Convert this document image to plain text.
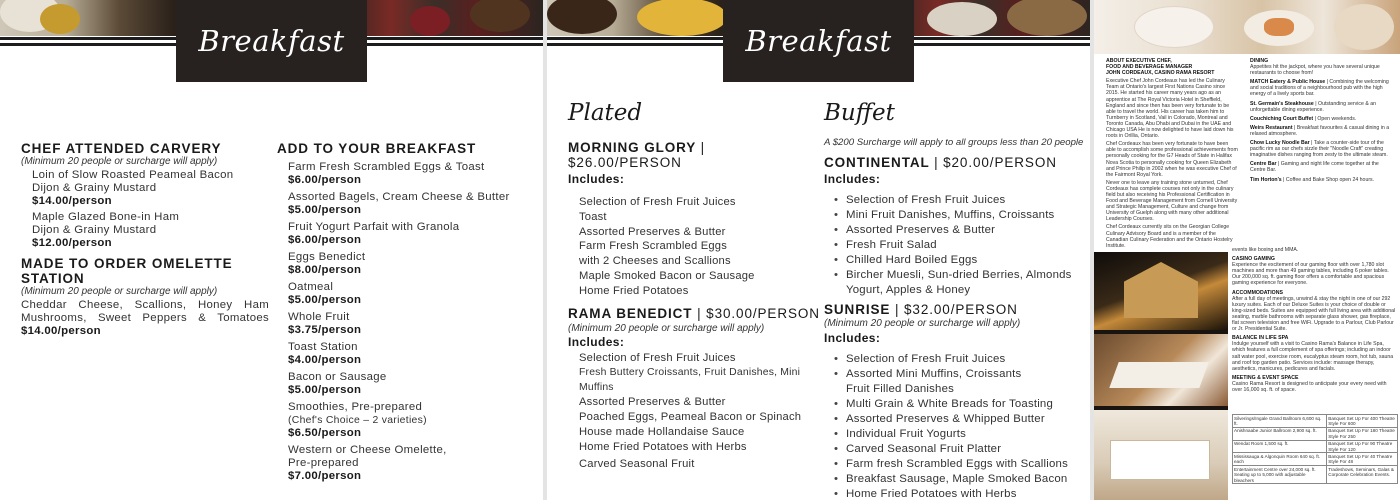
Breakfast
CHEF ATTENDED CARVERY
(Minimum 20 people or surcharge will apply)
Loin of Slow Roasted Peameal Bacon
Dijon & Grainy Mustard
$14.00/person
Maple Glazed Bone-in Ham
Dijon & Grainy Mustard
$12.00/person
MADE TO ORDER OMELETTE STATION
(Minimum 20 people or surcharge will apply)
Cheddar Cheese, Scallions, Honey Ham
Mushrooms, Sweet Peppers & Tomatoes
$14.00/person
ADD TO YOUR BREAKFAST
Farm Fresh Scrambled Eggs & Toast
$6.00/person
Assorted Bagels, Cream Cheese & Butter
$5.00/person
Fruit Yogurt Parfait with Granola
$6.00/person
Eggs Benedict
$8.00/person
Oatmeal
$5.00/person
Whole Fruit
$3.75/person
Toast Station
$4.00/person
Bacon or Sausage
$5.00/person
Smoothies, Pre-prepared
(Chef's Choice – 2 varieties)
$6.50/person
Western or Cheese Omelette,
Pre-prepared
$7.00/person
Breakfast
Plated
MORNING GLORY | $26.00/PERSON
Includes:
Selection of Fresh Fruit Juices
Toast
Assorted Preserves & Butter
Farm Fresh Scrambled Eggs
with 2 Cheeses and Scallions
Maple Smoked Bacon or Sausage
Home Fried Potatoes
RAMA BENEDICT | $30.00/PERSON
(Minimum 20 people or surcharge will apply)
Includes:
Selection of Fresh Fruit Juices
Fresh Buttery Croissants, Fruit Danishes, Mini Muffins
Assorted Preserves & Butter
Poached Eggs, Peameal Bacon or Spinach
House made Hollandaise Sauce
Home Fried Potatoes with Herbs
Carved Seasonal Fruit
Buffet
A $200 Surcharge will apply to all groups less than 20 people
CONTINENTAL | $20.00/PERSON
Includes:
• Selection of Fresh Fruit Juices
• Mini Fruit Danishes, Muffins, Croissants
• Assorted Preserves & Butter
• Fresh Fruit Salad
• Chilled Hard Boiled Eggs
• Bircher Muesli, Sun-dried Berries, Almonds
Yogurt, Apples & Honey
SUNRISE | $32.00/PERSON
(Minimum 20 people or surcharge will apply)
Includes:
• Selection of Fresh Fruit Juices
• Assorted Mini Muffins, Croissants
Fruit Filled Danishes
• Multi Grain & White Breads for Toasting
• Assorted Preserves & Whipped Butter
• Individual Fruit Yogurts
• Carved Seasonal Fruit Platter
• Farm fresh Scrambled Eggs with Scallions
• Breakfast Sausage, Maple Smoked Bacon
• Home Fried Potatoes with Herbs
ABOUT EXECUTIVE CHEF,
FOOD AND BEVERAGE MANAGER
JOHN CORDEAUX, CASINO RAMA RESORT
Executive Chef John Cordeaux has led the Culinary Team at Ontario's largest First Nations Casino since 2015. He started his career many years ago as an apprentice at The Royal Victoria Hotel in Sheffield, England and since then has been very fortunate to be able to travel the world. His career has taken him to Turnberry in Scotland, Vail in Colorado, Montreal and Toronto Canada, Abu Dhabi and Dubai in the UAE and Chicago USA He is now delighted to have laid down his roots in Orillia, Ontario.
Chef Cordeaux has been very fortunate to have been able to accomplish some professional achievements from personally cooking for the G7 Heads of State in Halifax Nova Scotia to personally cooking for Queen Elizabeth and Prince Philip in 2002 when he was executive Chef of the Fairmont Royal York.
Never one to leave any training stone unturned, Chef Cordeaux has complete courses not only in the culinary field but also receiving his Professional Certification in Food and Beverage Management from Cornell University and Strategic Management, Culture and change from University of Guelph along with many other additional Leadership Courses.
Chef Cordeaux currently sits on the Georgian College Culinary Advisory Board and is a member of the Canadian Culinary Federation and the Ontario Hostelry Institute.
DINING
Appetites hit the jackpot, where you have several unique restaurants to choose from!
MATCH Eatery & Public House | Combining the welcoming and social traditions of a neighbourhood pub with the high energy of a lively sports bar.
St. Germain's Steakhouse | Outstanding service & an unforgettable dining experience.
Couchiching Court Buffet | Open weekends.
Weirs Restaurant | Breakfast favourites & casual dining in a relaxed atmosphere.
Chow Lucky Noodle Bar | Take a counter-side tour of the pacific rim as our chefs sizzle their "Noodle Craft" creating imaginative dishes ranging from zesty to the ultimate steam.
Centre Bar | Gaming and night life come together at the Centre Bar.
Tim Horton's | Coffee and Bake Shop open 24 hours.
events like boxing and MMA.
CASINO GAMING
Experience the excitement of our gaming floor with over 1,780 slot machines and more than 49 gaming tables, including 6 poker tables. Our 200,000 sq. ft. gaming floor offers a comfortable and spacious gaming experience for everyone.
ACCOMMODATIONS
After a full day of meetings, unwind & stay the night in one of our 292 luxury suites. Each of our Deluxe Suites is your choice of double or king-sized beds. Suites are equipped with full living area with additional seating, marble bathrooms with separate glass shower, gas fireplace, flat screen television and free WiFi. Upgrade to a Parlour, Club Parlour or Jr. Presidential Suite.
BALANCE IN LIFE SPA
Indulge yourself with a visit to Casino Rama's Balance in Life Spa, which features a full complement of spa offerings; including an indoor salt water pool, exercise room, eucalyptus steam room, hot tub, sauna and roof top garden patio. Services include: massage therapy, aesthetics, manicures, pedicures and facials.
MEETING & EVENT SPACE
Casino Rama Resort is designed to anticipate your every need with over 16,000 sq. ft. of space.
Silverings/Ingale Grand Ballroom 6,600 sq. ft.	Banquet Set Up For 400 Theatre Style For 600
Anishnaabe Junior Ballroom 2,900 sq. ft.	Banquet Set Up For 180 Theatre Style For 250
Wendat Room 1,500 sq. ft.	Banquet Set Up For 90 Theatre Style For 120
Mississauga & Algonquin Room 640 sq. ft. each	Banquet Set Up For 40 Theatre Style For 48
Entertainment Centre over 24,000 sq. ft. Seating up to 5,000 with adjustable bleachers	Tradeshows, Seminars, Galas & Corporate Celebration Events.
